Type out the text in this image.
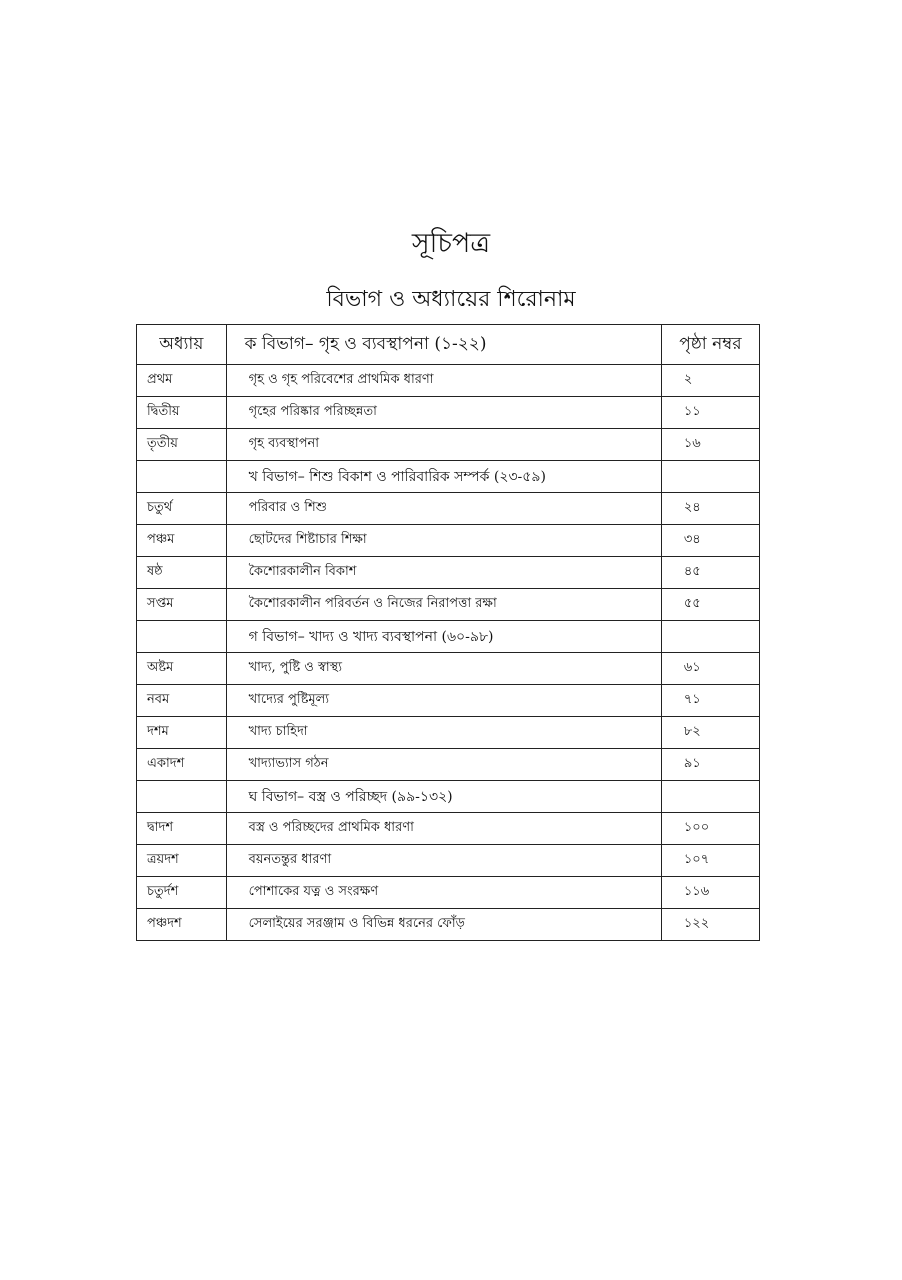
সূচিপত্র
বিভাগ ও অধ্যায়ের শিরোনাম
অধ্যায়	ক বিভাগ– গৃহ ও ব্যবস্থাপনা (১-২২)	পৃষ্ঠা নম্বর
প্রথম	গৃহ ও গৃহ পরিবেশের প্রাথমিক ধারণা	২
দ্বিতীয়	গৃহের পরিষ্কার পরিচ্ছন্নতা	১১
তৃতীয়	গৃহ ব্যবস্থাপনা	১৬
	খ বিভাগ– শিশু বিকাশ ও পারিবারিক সম্পর্ক (২৩-৫৯)	
চতুর্থ	পরিবার ও শিশু	২৪
পঞ্চম	ছোটদের শিষ্টাচার শিক্ষা	৩৪
ষষ্ঠ	কৈশোরকালীন বিকাশ	৪৫
সপ্তম	কৈশোরকালীন পরিবর্তন ও নিজের নিরাপত্তা রক্ষা	৫৫
	গ বিভাগ– খাদ্য ও খাদ্য ব্যবস্থাপনা (৬০-৯৮)	
অষ্টম	খাদ্য, পুষ্টি ও স্বাস্থ্য	৬১
নবম	খাদ্যের পুষ্টিমূল্য	৭১
দশম	খাদ্য চাহিদা	৮২
একাদশ	খাদ্যাভ্যাস গঠন	৯১
	ঘ বিভাগ– বস্ত্র ও পরিচ্ছদ (৯৯-১৩২)	
দ্বাদশ	বস্ত্র ও পরিচ্ছদের প্রাথমিক ধারণা	১০০
ত্রয়দশ	বয়নতন্তুর ধারণা	১০৭
চতুর্দশ	পোশাকের যত্ন ও সংরক্ষণ	১১৬
পঞ্চদশ	সেলাইয়ের সরঞ্জাম ও বিভিন্ন ধরনের ফোঁড়	১২২
